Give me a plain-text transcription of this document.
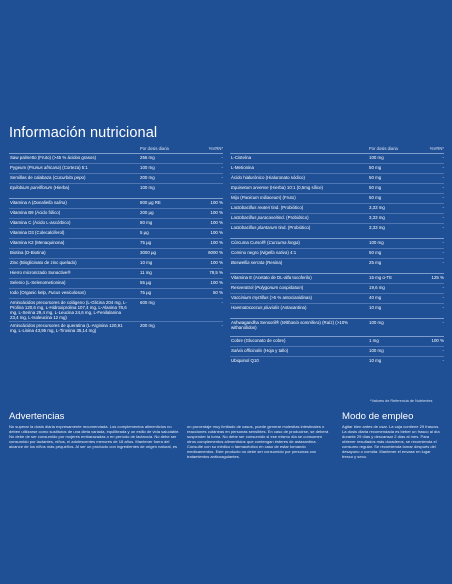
Información nutricional
Por dosis diaria	%VRN*
Saw palmetto (Fruto) (>45 % ácidos grasos)	256 mg	-
Pygeum (Prunus africana) (Corteza) 5:1	100 mg	-
Semillas de calabaza (Cucurbita pepo)	200 mg	-
Epilobium parviflorum (Hierba)	100 mg
Vitamina A (Dunaliella salina)	800 µg RE	100 %
Vitamina B9 (Ácido fólico)	200 µg	100 %
Vitamina C (Ácido L-ascórbico)	80 mg	100 %
Vitamina D3 (Colecalciferol)	5 µg	100 %
Vitamina K2 (Menaquinona)	75 µg	100 %
Biotina (D-Biotina)	3000 µg	6000 %
Zinc (Bisglicinato de zinc quelado)	10 mg	100 %
Hierro micronizado Sunactive®	11 mg	78,5 %
Selenio (L-Selenometionina)	55 µg	100 %
Iodo (Organic kelp, Fucus vesiculosus)	75 µg	50 %
Aminoácidos precursores de colágeno (L-Glicina 204 mg, L-Prolina 120,6 mg, L-Hidroxiprolina 107,4 mg, L-Alanina 78,6 mg, L-Serina 29,4 mg, L-Leucina 24,6 mg, L-Fenilalanina 23,4 mg, L-Isoleucina 12 mg)
600 mg	-
Aminoácidos precursores de queratina (L-Arginina 120,91 mg, L-Lisina 43,95 mg, L-Tirosina 35,14 mg)
200 mg	-
Por dosis diaria	%VRN*
L-Cisteína	100 mg	-
L-Metionina	50 mg	-
Ácido hialurónico (Hialuronato sódico)	50 mg	-
Equisetum arvense (Hierba) 10:1 (0,5mg sílice)	50 mg	-
Mijo (Panicum miliaceum) (Fruto)	50 mg	-
Lactobacillus reuteri tind. (Probiótico)	3,33 mg	-
Lactobacillus paracaseitind. (Probiótico)	3,33 mg	-
Lactobacillus plantarum tind. (Probiótico)	3,33 mg	-
Cúrcuma Cursol® (Curcuma longa)	100 mg	-
Comino negro (Nigella sativa) 4:1	50 mg	-
Boswellia serrata (Resina)	25 mg	-
Vitamina E (Acetato de DL-alfa tocoferilo)	15 mg α-TE	125 %
Resveratrol (Polygonum cuspidatum)	19,6 mg	-
Vaccinium myrtillus (>5 % antocianidinas)	40 mg	-
Haematococcus pluvialis (Astaxantina)	10 mg	-
Ashwagandha Sensoril® (Withania somnifera) (Raíz) (>10% withanólidos)
100 mg	-
Cobre (Gluconato de cobre)	1 mg	100 %
Salvia officinalis (Hoja y tallo)	100 mg	-
Ubiquinol Q10	10 mg	-
*Valores de Referencia de Nutrientes
Advertencias
No superar la dosis diaria expresamente recomendada. Los complementos alimenticios no deben utilizarse como sustitutos de una dieta variada, equilibrada y un estilo de vida saludable. No debe de ser consumido por mujeres embarazadas o en período de lactancia. No debe ser consumido por lactantes, niños, ni adolescentes menores de 18 años. Mantener fuera del alcance de los niños más pequeños. Al ser un producto con ingredientes de origen natural, es
un porcentaje muy limitado de casos, puede generar molestias intestinales o reacciones cutáneas en personas sensibles. En caso de producirse, se deberá suspender la toma. No debe ser consumido si ese mismo día se consumen otros complementos alimenticios que contengan ésteres de astaxantina. Consulte con su médico o farmacéutico en caso de estar tomando medicamentos. Este producto no debe ser consumido por personas con tratamientos anticoagulantes.
Modo de empleo
Agitar bien antes de usar. La caja contiene 29 frascos. La dosis diaria recomendada es beber un frasco al día durante 29 días y descansar 2 días al mes. Para obtener resultados más duraderos, se recomienda el consumo regular. Se recomienda tomar después del desayuno o comida. Mantener el envase en lugar fresco y seco.
